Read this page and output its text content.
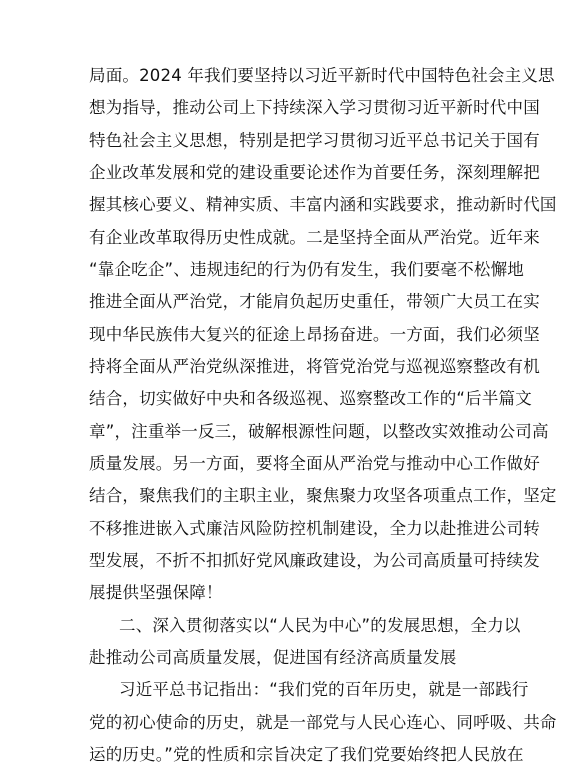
局面。2024 年我们要坚持以习近平新时代中国特色社会主义思
想为指导，推动公司上下持续深入学习贯彻习近平新时代中国
特色社会主义思想，特别是把学习贯彻习近平总书记关于国有
企业改革发展和党的建设重要论述作为首要任务，深刻理解把
握其核心要义、精神实质、丰富内涵和实践要求，推动新时代国
有企业改革取得历史性成就。二是坚持全面从严治党。近年来
“靠企吃企”、违规违纪的行为仍有发生，我们要毫不松懈地
推进全面从严治党，才能肩负起历史重任，带领广大员工在实
现中华民族伟大复兴的征途上昂扬奋进。一方面，我们必须坚
持将全面从严治党纵深推进，将管党治党与巡视巡察整改有机
结合，切实做好中央和各级巡视、巡察整改工作的“后半篇文
章”，注重举一反三，破解根源性问题，以整改实效推动公司高
质量发展。另一方面，要将全面从严治党与推动中心工作做好
结合，聚焦我们的主职主业，聚焦聚力攻坚各项重点工作，坚定
不移推进嵌入式廉洁风险防控机制建设，全力以赴推进公司转
型发展，不折不扣抓好党风廉政建设，为公司高质量可持续发
展提供坚强保障！
二、深入贯彻落实以“人民为中心”的发展思想，全力以
赴推动公司高质量发展，促进国有经济高质量发展
习近平总书记指出：“我们党的百年历史，就是一部践行
党的初心使命的历史，就是一部党与人民心连心、同呼吸、共命
运的历史。”党的性质和宗旨决定了我们党要始终把人民放在
